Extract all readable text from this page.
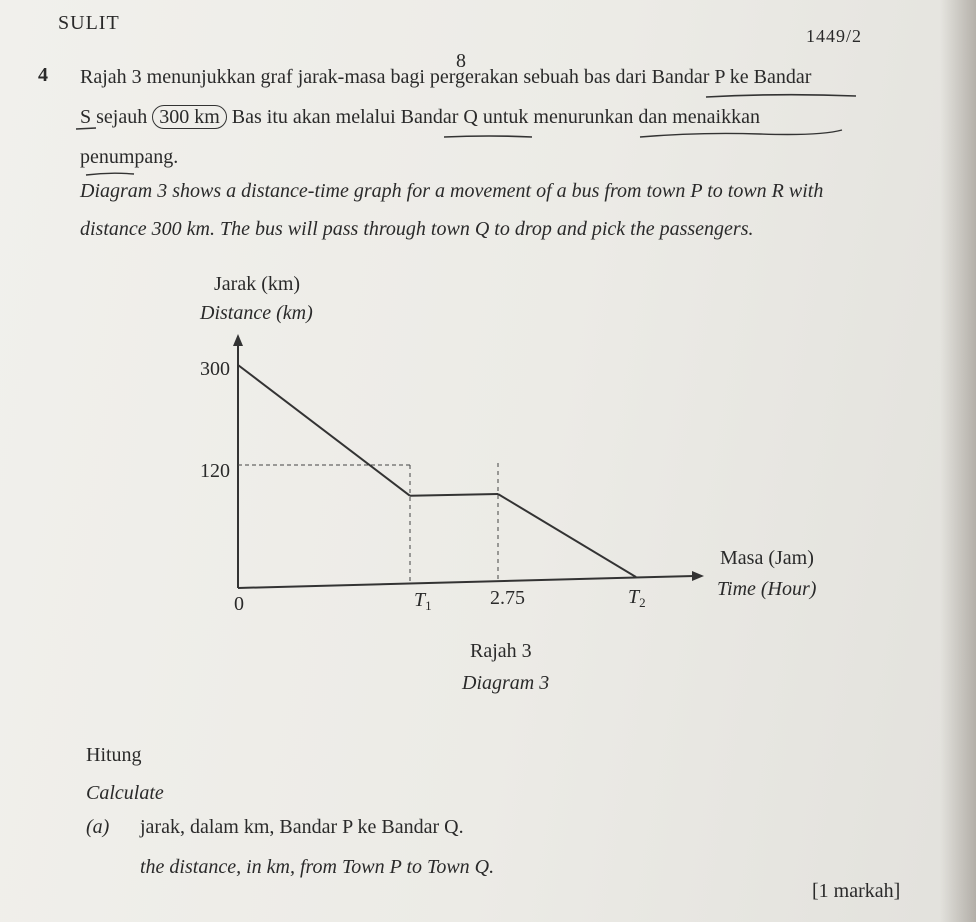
SULIT
1449/2
8
4 Rajah 3 menunjukkan graf jarak-masa bagi pergerakan sebuah bas dari Bandar P ke Bandar
S sejauh 300 km Bas itu akan melalui Bandar Q untuk menurunkan dan menaikkan
penumpang.
Diagram 3 shows a distance-time graph for a movement of a bus from town P to town R with
distance 300 km. The bus will pass through town Q to drop and pick the passengers.
Jarak (km)
Distance (km)
300
120
0	$T_1$	2.75	$T_2$
Masa (Jam)
Time (Hour)
Rajah 3
Diagram 3
Hitung
Calculate
(a) jarak, dalam km, Bandar P ke Bandar Q.
the distance, in km, from Town P to Town Q.
[1 markah]
